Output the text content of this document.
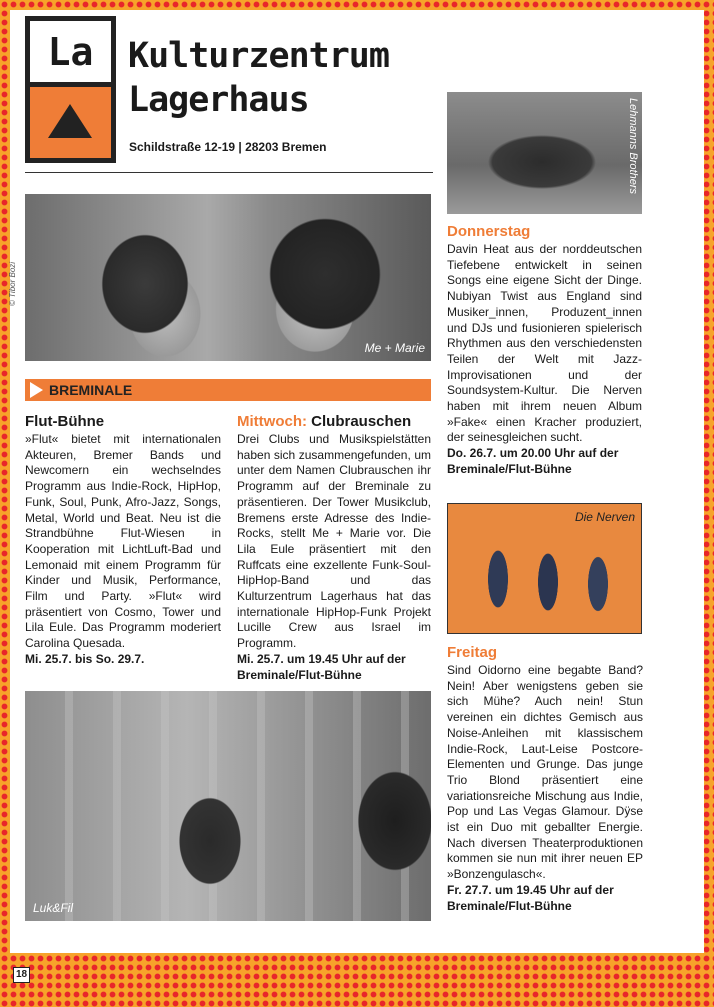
La Kulturzentrum
Lagerhaus
Schildstraße 12-19 | 28203 Bremen
Me + Marie
© Tibor Bozi
Lehmanns Brothers
BREMINALE
Flut-Bühne

»Flut« bietet mit internationalen Akteuren, Bremer Bands und Newcomern ein wechselndes Programm aus Indie-Rock, HipHop, Funk, Soul, Punk, Afro-Jazz, Songs, Metal, World und Beat. Neu ist die Strandbühne Flut-Wiesen in Kooperation mit LichtLuft-Bad und Lemonaid mit einem Programm für Kinder und Musik, Performance, Film und Party. »Flut« wird präsentiert von Cosmo, Tower und Lila Eule. Das Programm moderiert Carolina Quesada.

Mi. 25.7. bis So. 29.7.

Mittwoch: Clubrauschen

Drei Clubs und Musikspielstätten haben sich zusammengefunden, um unter dem Namen Clubrauschen ihr Programm auf der Breminale zu präsentieren. Der Tower Musikclub, Bremens erste Adresse des Indie-Rocks, stellt Me + Marie vor. Die Lila Eule präsentiert mit den Ruffcats eine exzellente Funk-Soul-HipHop-Band und das Kulturzentrum Lagerhaus hat das internationale HipHop-Funk Projekt Lucille Crew aus Israel im Programm.

Mi. 25.7. um 19.45 Uhr auf der Breminale/Flut-Bühne

Donnerstag

Davin Heat aus der norddeutschen Tiefebene entwickelt in seinen Songs eine eigene Sicht der Dinge. Nubiyan Twist aus England sind Musiker_innen, Produzent_innen und DJs und fusionieren spielerisch Rhythmen aus den verschiedensten Teilen der Welt mit Jazz-Improvisationen und der Soundsystem-Kultur. Die Nerven haben mit ihrem neuen Album »Fake« einen Kracher produziert, der seinesgleichen sucht.

Do. 26.7. um 20.00 Uhr auf der Breminale/Flut-Bühne

Die Nerven
Freitag

Sind Oidorno eine begabte Band? Nein! Aber wenigstens geben sie sich Mühe? Auch nein! Stun vereinen ein dichtes Gemisch aus Noise-Anleihen mit klassischem Indie-Rock, Laut-Leise Postcore-Elementen und Grunge. Das junge Trio Blond präsentiert eine variationsreiche Mischung aus Indie, Pop und Las Vegas Glamour. Dÿse ist ein Duo mit geballter Energie. Nach diversen Theaterproduktionen kommen sie nun mit ihrer neuen EP »Bonzengulasch«.

Fr. 27.7. um 19.45 Uhr auf der Breminale/Flut-Bühne

Luk&Fil
18
